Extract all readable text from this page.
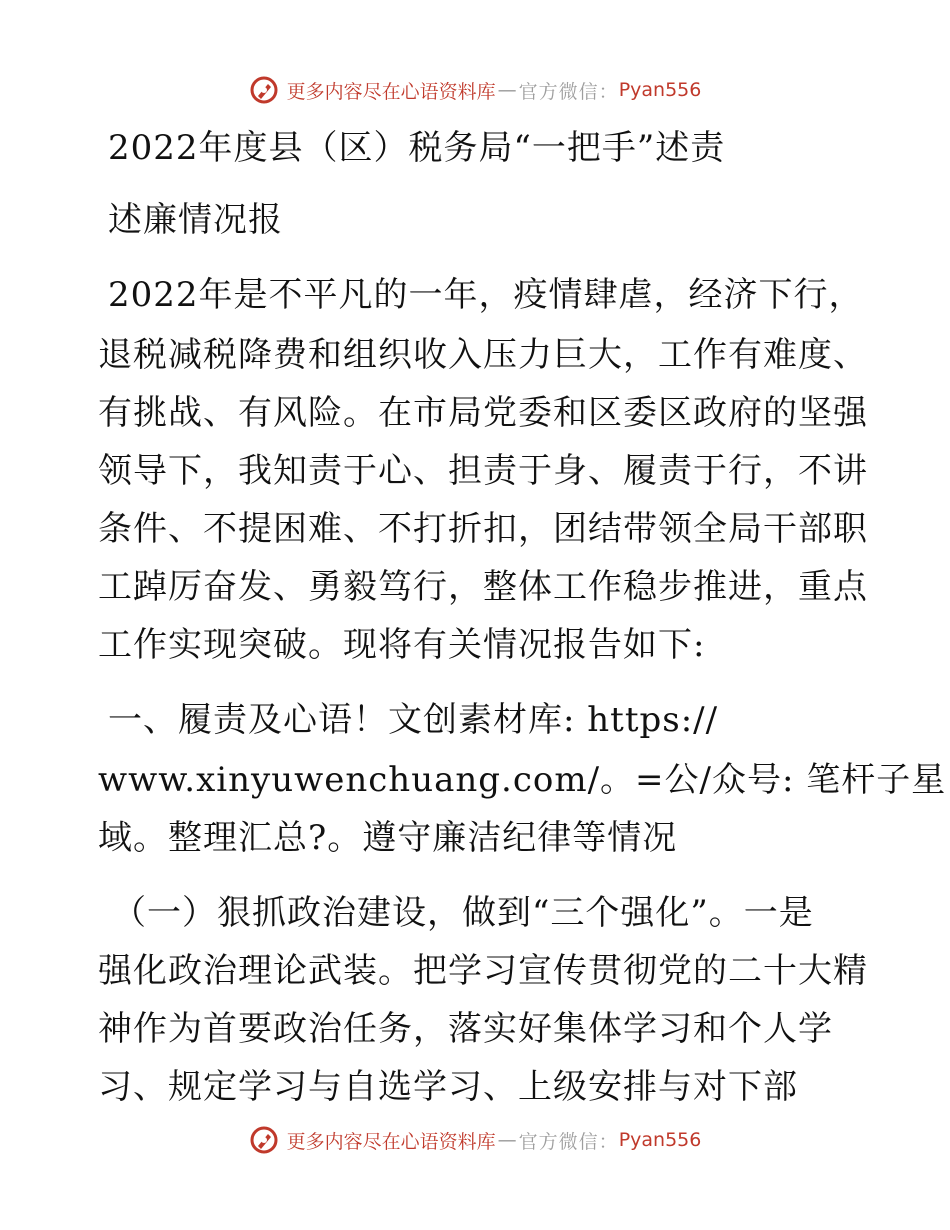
更多内容尽在心语资料库 — 官方微信： Pyan556
2022年度县（区）税务局“一把手”述责
述廉情况报
2022年是不平凡的一年，疫情肆虐，经济下行，
退税减税降费和组织收入压力巨大，工作有难度、
有挑战、有风险。在市局党委和区委区政府的坚强
领导下，我知责于心、担责于身、履责于行，不讲
条件、不提困难、不打折扣，团结带领全局干部职
工踔厉奋发、勇毅笃行，整体工作稳步推进，重点
工作实现突破。现将有关情况报告如下:
一、履责及心语！文创素材库: https://
www.xinyuwenchuang.com/。=公/众号: 笔杆子星
域。整理汇总?。遵守廉洁纪律等情况
（一）狠抓政治建设，做到“三个强化”。一是
强化政治理论武装。把学习宣传贯彻党的二十大精
神作为首要政治任务，落实好集体学习和个人学
习、规定学习与自选学习、上级安排与对下部
更多内容尽在心语资料库 — 官方微信： Pyan556
